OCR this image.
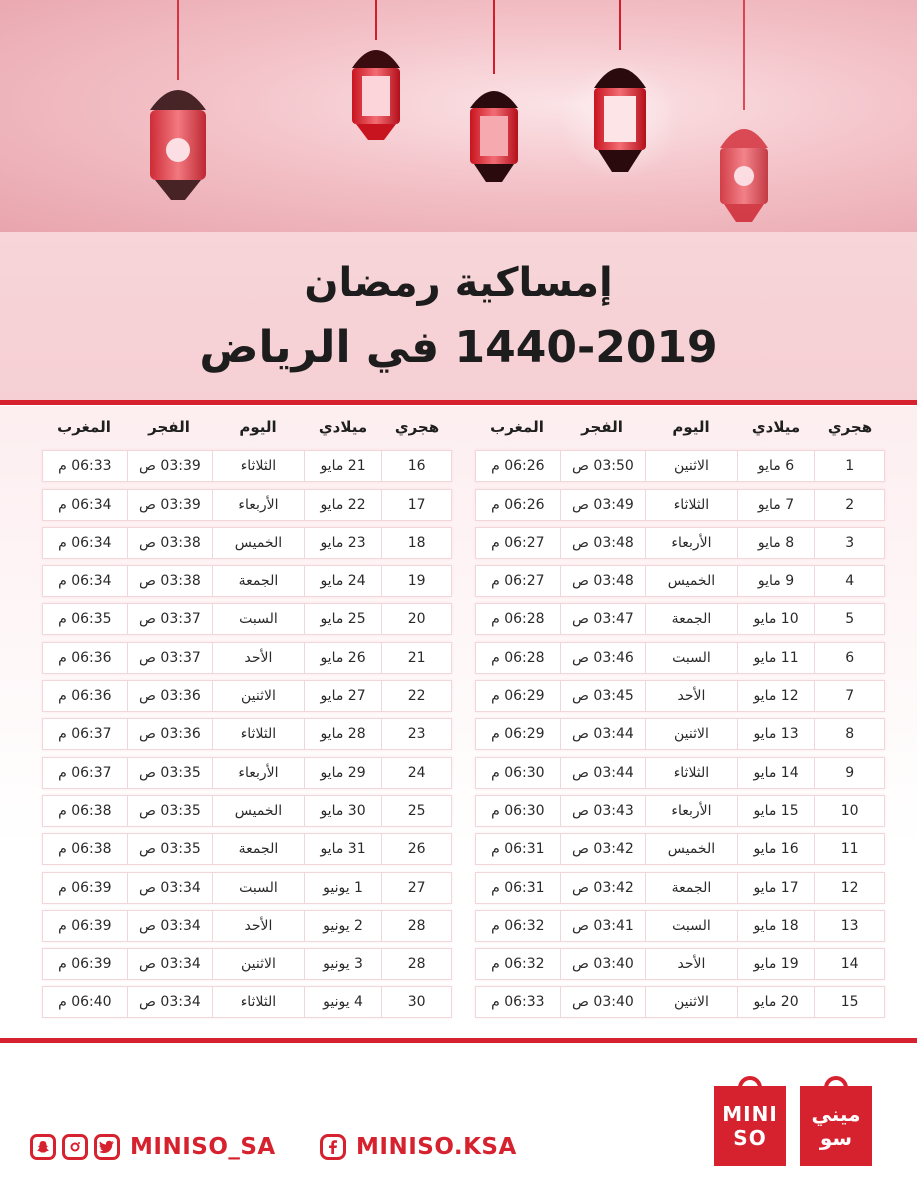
إمساكية رمضان
1440-2019 في الرياض
هجري
ميلادي
اليوم
الفجر
المغرب
1
6 مايو
الاثنين
03:50 ص
06:26 م
2
7 مايو
الثلاثاء
03:49 ص
06:26 م
3
8 مايو
الأربعاء
03:48 ص
06:27 م
4
9 مايو
الخميس
03:48 ص
06:27 م
5
10 مايو
الجمعة
03:47 ص
06:28 م
6
11 مايو
السبت
03:46 ص
06:28 م
7
12 مايو
الأحد
03:45 ص
06:29 م
8
13 مايو
الاثنين
03:44 ص
06:29 م
9
14 مايو
الثلاثاء
03:44 ص
06:30 م
10
15 مايو
الأربعاء
03:43 ص
06:30 م
11
16 مايو
الخميس
03:42 ص
06:31 م
12
17 مايو
الجمعة
03:42 ص
06:31 م
13
18 مايو
السبت
03:41 ص
06:32 م
14
19 مايو
الأحد
03:40 ص
06:32 م
15
20 مايو
الاثنين
03:40 ص
06:33 م
هجري
ميلادي
اليوم
الفجر
المغرب
16
21 مايو
الثلاثاء
03:39 ص
06:33 م
17
22 مايو
الأربعاء
03:39 ص
06:34 م
18
23 مايو
الخميس
03:38 ص
06:34 م
19
24 مايو
الجمعة
03:38 ص
06:34 م
20
25 مايو
السبت
03:37 ص
06:35 م
21
26 مايو
الأحد
03:37 ص
06:36 م
22
27 مايو
الاثنين
03:36 ص
06:36 م
23
28 مايو
الثلاثاء
03:36 ص
06:37 م
24
29 مايو
الأربعاء
03:35 ص
06:37 م
25
30 مايو
الخميس
03:35 ص
06:38 م
26
31 مايو
الجمعة
03:35 ص
06:38 م
27
1 يونيو
السبت
03:34 ص
06:39 م
28
2 يونيو
الأحد
03:34 ص
06:39 م
28
3 يونيو
الاثنين
03:34 ص
06:39 م
30
4 يونيو
الثلاثاء
03:34 ص
06:40 م
MINISO_SA	MINISO.KSA
MINI
SO
ميني
سو
